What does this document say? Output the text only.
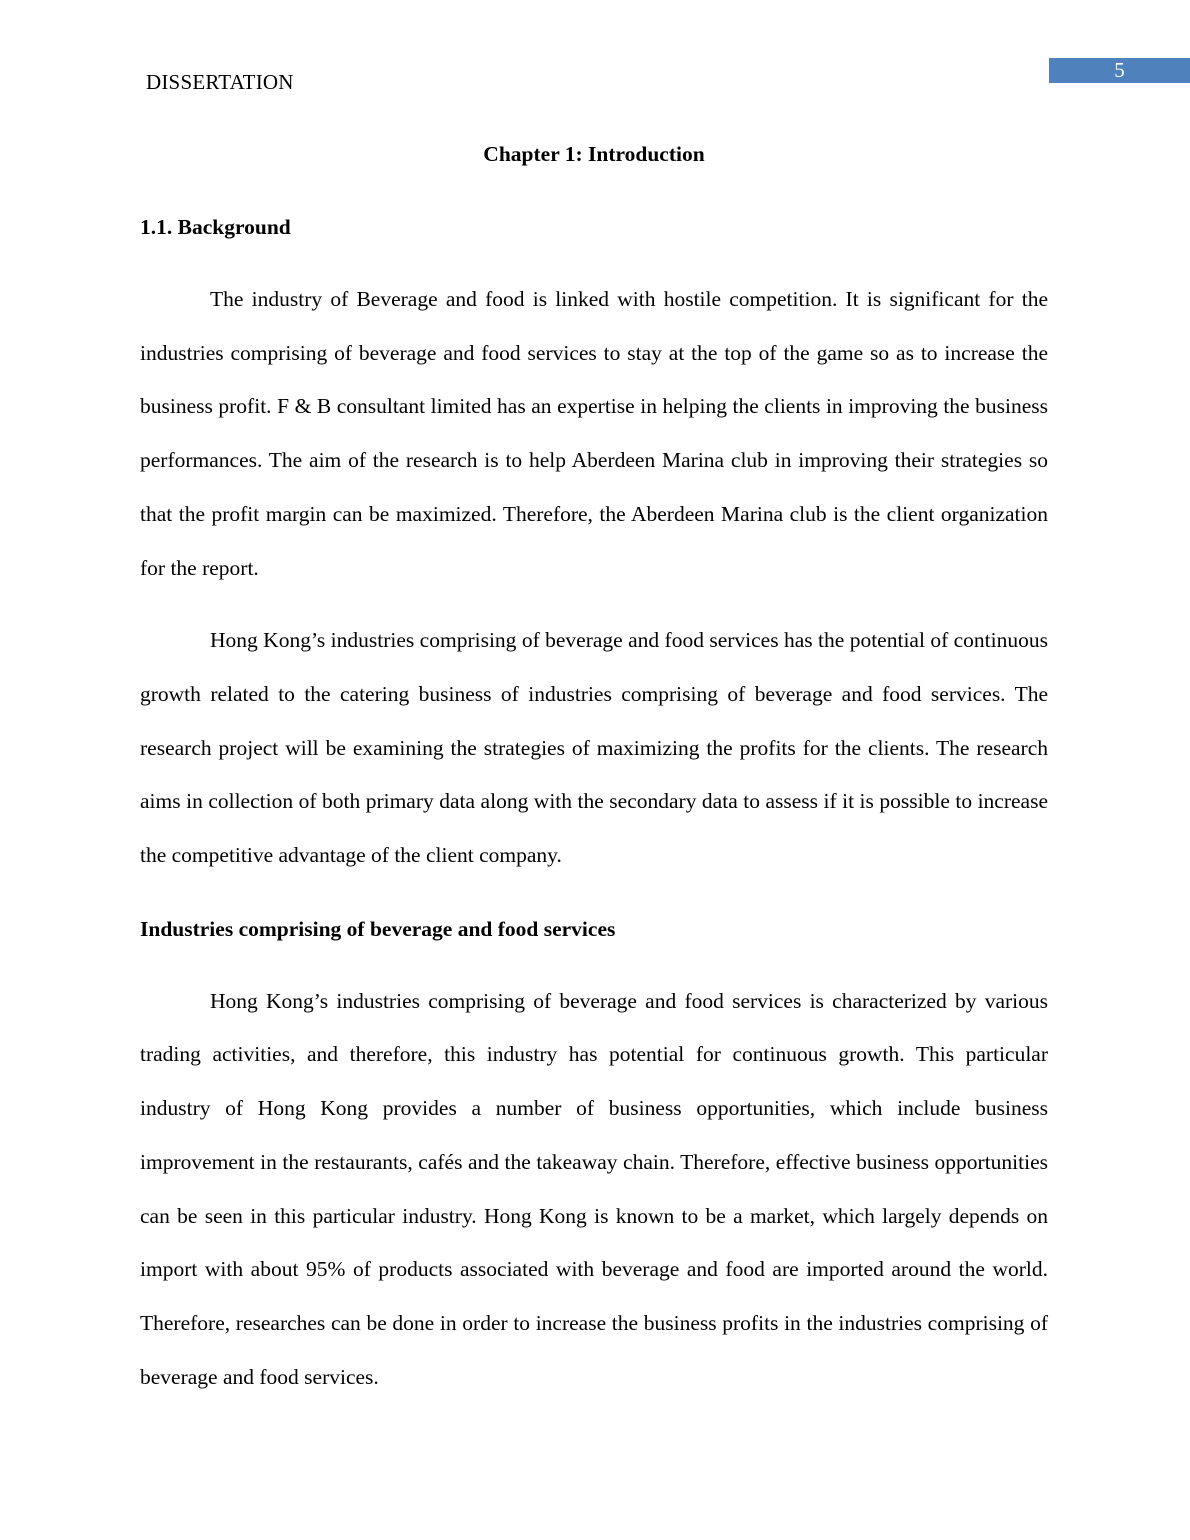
5
DISSERTATION
Chapter 1: Introduction
1.1. Background

The industry of Beverage and food is linked with hostile competition. It is significant for the industries comprising of beverage and food services to stay at the top of the game so as to increase the business profit. F & B consultant limited has an expertise in helping the clients in improving the business performances. The aim of the research is to help Aberdeen Marina club in improving their strategies so that the profit margin can be maximized. Therefore, the Aberdeen Marina club is the client organization for the report.

Hong Kong’s industries comprising of beverage and food services has the potential of continuous growth related to the catering business of industries comprising of beverage and food services. The research project will be examining the strategies of maximizing the profits for the clients. The research aims in collection of both primary data along with the secondary data to assess if it is possible to increase the competitive advantage of the client company.

Industries comprising of beverage and food services

Hong Kong’s industries comprising of beverage and food services is characterized by various trading activities, and therefore, this industry has potential for continuous growth. This particular industry of Hong Kong provides a number of business opportunities, which include business improvement in the restaurants, cafés and the takeaway chain. Therefore, effective business opportunities can be seen in this particular industry. Hong Kong is known to be a market, which largely depends on import with about 95% of products associated with beverage and food are imported around the world. Therefore, researches can be done in order to increase the business profits in the industries comprising of beverage and food services.
